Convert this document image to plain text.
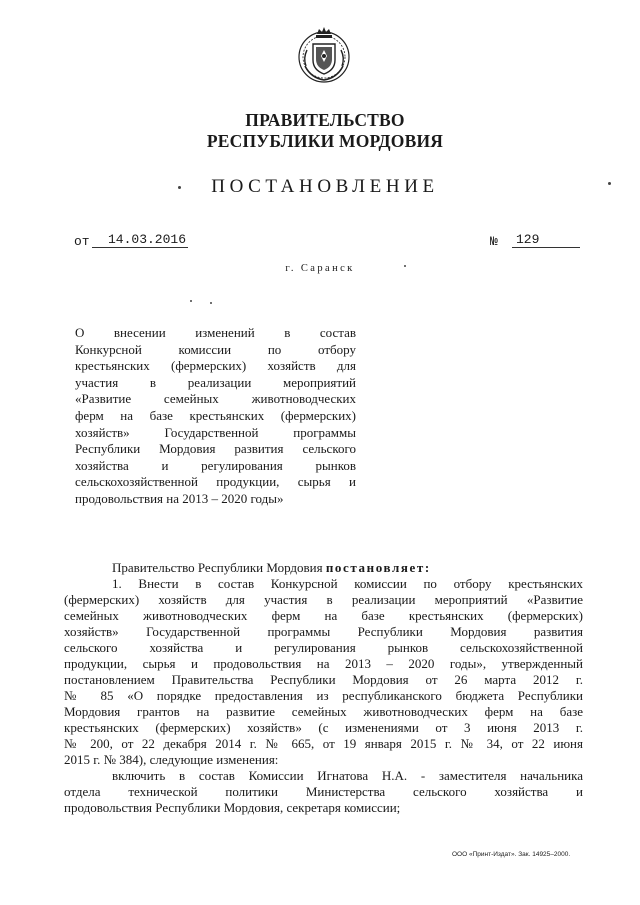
ПРАВИТЕЛЬСТВО
РЕСПУБЛИКИ МОРДОВИЯ
ПОСТАНОВЛЕНИЕ
от	14.03.2016	№	129
г. Саранск
О внесении изменений в состав
Конкурсной комиссии по отбору
крестьянских (фермерских) хозяйств для
участия в реализации мероприятий
«Развитие семейных животноводческих
ферм на базе крестьянских (фермерских)
хозяйств» Государственной программы
Республики Мордовия развития сельского
хозяйства и регулирования рынков
сельскохозяйственной продукции, сырья и
продовольствия на 2013 – 2020 годы»
Правительство Республики Мордовия постановляет:
1. Внести в состав Конкурсной комиссии по отбору крестьянских
(фермерских) хозяйств для участия в реализации мероприятий «Развитие
семейных животноводческих ферм на базе крестьянских (фермерских)
хозяйств» Государственной программы Республики Мордовия развития
сельского хозяйства и регулирования рынков сельскохозяйственной
продукции, сырья и продовольствия на 2013 – 2020 годы», утвержденный
постановлением Правительства Республики Мордовия от 26 марта 2012 г.
№ 85 «О порядке предоставления из республиканского бюджета Республики
Мордовия грантов на развитие семейных животноводческих ферм на базе
крестьянских (фермерских) хозяйств» (с изменениями от 3 июня 2013 г.
№ 200, от 22 декабря 2014 г. № 665, от 19 января 2015 г. № 34, от 22 июня
2015 г. № 384), следующие изменения:
включить в состав Комиссии Игнатова Н.А. - заместителя начальника
отдела технической политики Министерства сельского хозяйства и
продовольствия Республики Мордовия, секретаря комиссии;
ООО «Принт-Издат». Зак. 14925–2000.
